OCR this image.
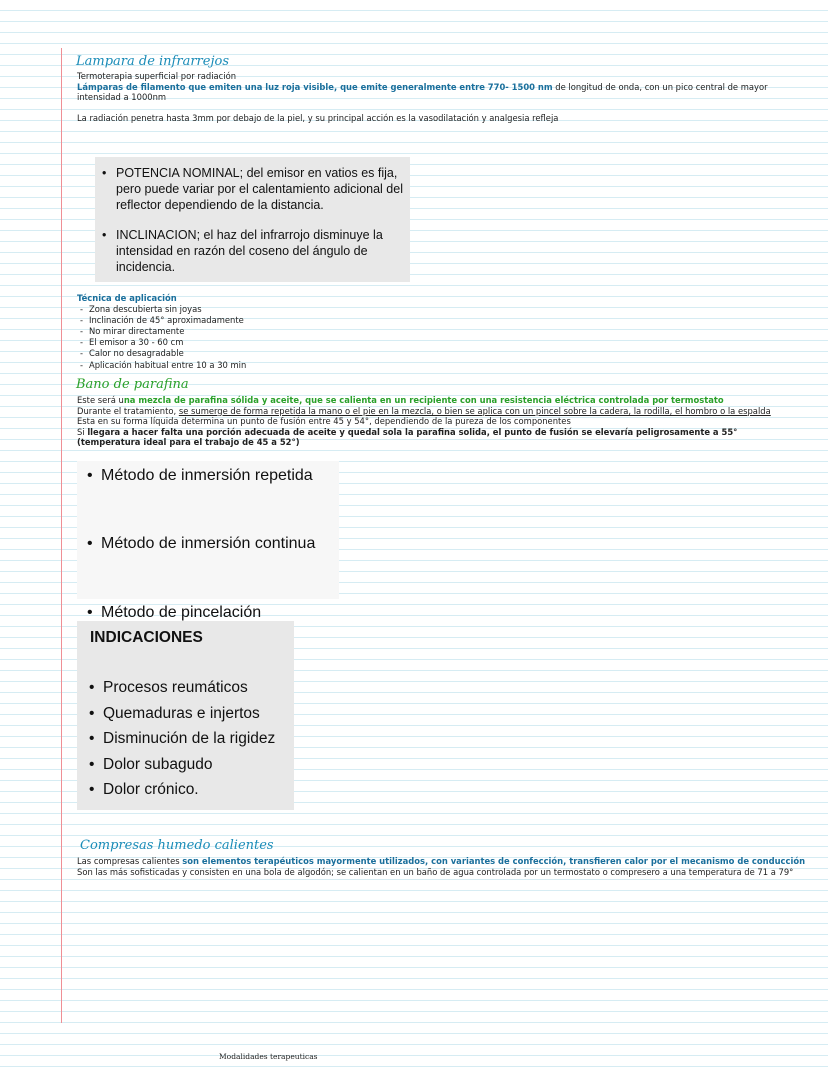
Lampara de infrarrejos

Termoterapia superficial por radiación

Lámparas de filamento que emiten una luz roja visible, que emite generalmente entre 770- 1500 nm de longitud de onda, con un pico central de mayor intensidad a 1000nm

La radiación penetra hasta 3mm por debajo de la piel, y su principal acción es la vasodilatación y analgesia refleja

• POTENCIA NOMINAL; del emisor en vatios es fija, pero puede variar por el calentamiento adicional del reflector dependiendo de la distancia.

• INCLINACION; el haz del infrarrojo disminuye la intensidad en razón del coseno del ángulo de incidencia.

Técnica de aplicación

- Zona descubierta sin joyas
- Inclinación de 45° aproximadamente
- No mirar directamente
- El emisor a 30 - 60 cm
- Calor no desagradable
- Aplicación habitual entre 10 a 30 min
Bano de parafina

Este será una mezcla de parafina sólida y aceite, que se calienta en un recipiente con una resistencia eléctrica controlada por termostato

Durante el tratamiento, se sumerge de forma repetida la mano o el pie en la mezcla, o bien se aplica con un pincel sobre la cadera, la rodilla, el hombro o la espalda

Esta en su forma líquida determina un punto de fusión entre 45 y 54°, dependiendo de la pureza de los componentes

Si llegara a hacer falta una porción adecuada de aceite y quedal sola la parafina solida, el punto de fusión se elevaría peligrosamente a 55°

(temperatura ideal para el trabajo de 45 a 52°)

• Método de inmersión repetida

• Método de inmersión continua

• Método de pincelación

INDICACIONES

• Procesos reumáticos

• Quemaduras e injertos

• Disminución de la rigidez

• Dolor subagudo

• Dolor crónico.

Compresas humedo calientes

Las compresas calientes son elementos terapéuticos mayormente utilizados, con variantes de confección, transfieren calor por el mecanismo de conducción

Son las más sofisticadas y consisten en una bola de algodón; se calientan en un baño de agua controlada por un termostato o compresero a una temperatura de 71 a 79°

Modalidades terapeuticas
